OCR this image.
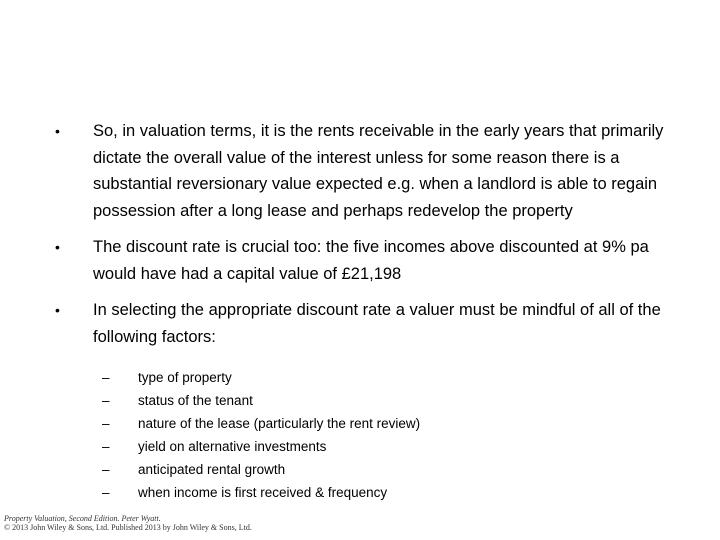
• So, in valuation terms, it is the rents receivable in the early years that primarily dictate the overall value of the interest unless for some reason there is a substantial reversionary value expected e.g. when a landlord is able to regain possession after a long lease and perhaps redevelop the property
• The discount rate is crucial too: the five incomes above discounted at 9% pa would have had a capital value of £21,198
• In selecting the appropriate discount rate a valuer must be mindful of all of the following factors:
– type of property
– status of the tenant
– nature of the lease (particularly the rent review)
– yield on alternative investments
– anticipated rental growth
– when income is first received & frequency
Property Valuation, Second Edition. Peter Wyatt.
© 2013 John Wiley & Sons, Ltd. Published 2013 by John Wiley & Sons, Ltd.
